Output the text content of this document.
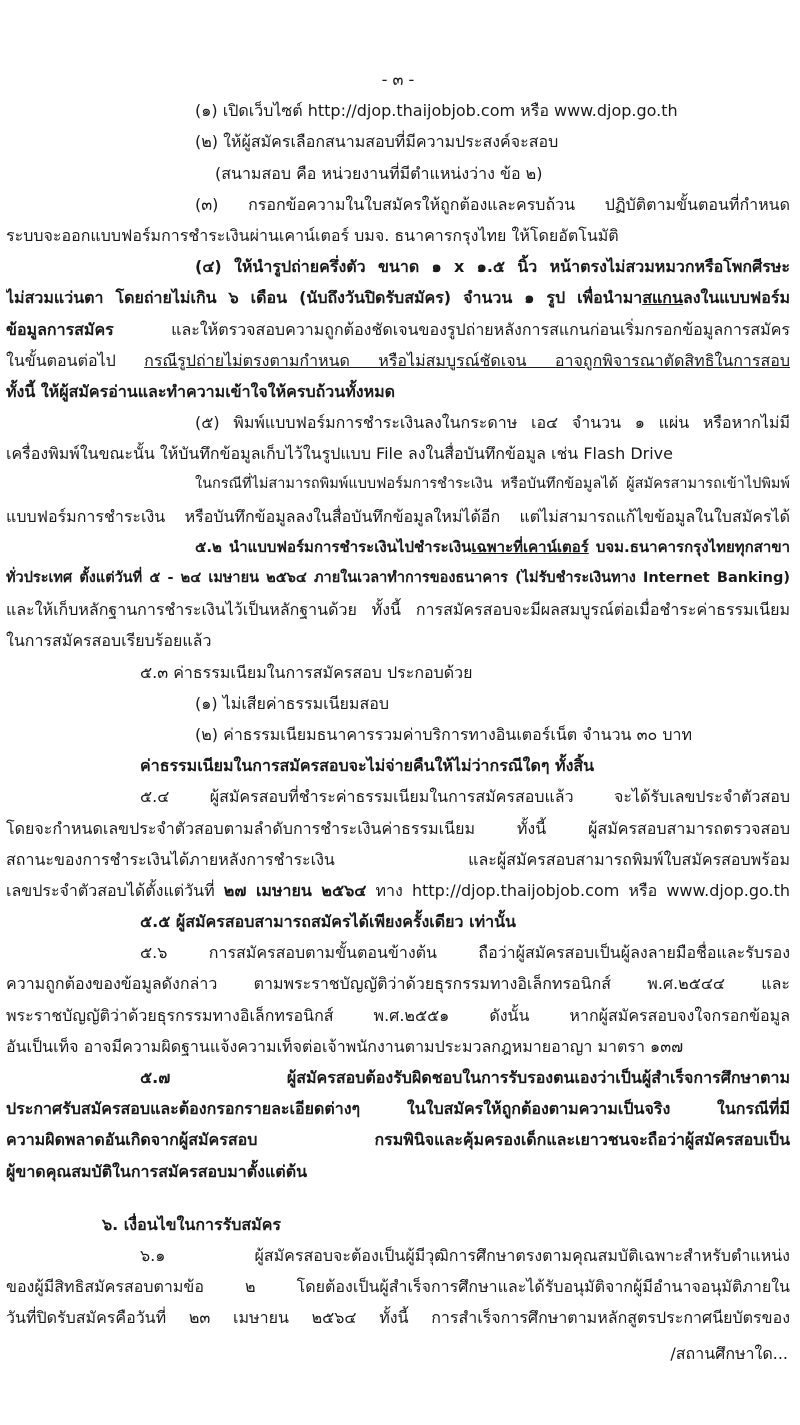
- ๓ -
(๑) เปิดเว็บไซต์ http://djop.thaijobjob.com หรือ www.djop.go.th
(๒) ให้ผู้สมัครเลือกสนามสอบที่มีความประสงค์จะสอบ
(สนามสอบ คือ หน่วยงานที่มีตำแหน่งว่าง ข้อ ๒)
(๓) กรอกข้อความในใบสมัครให้ถูกต้องและครบถ้วน ปฏิบัติตามขั้นตอนที่กำหนด
ระบบจะออกแบบฟอร์มการชำระเงินผ่านเคาน์เตอร์ บมจ. ธนาคารกรุงไทย ให้โดยอัตโนมัติ
(๔) ให้นำรูปถ่ายครึ่งตัว ขนาด ๑ x ๑.๕ นิ้ว หน้าตรงไม่สวมหมวกหรือโพกศีรษะ
ไม่สวมแว่นตา โดยถ่ายไม่เกิน ๖ เดือน (นับถึงวันปิดรับสมัคร) จำนวน ๑ รูป เพื่อนำมาสแกนลงในแบบฟอร์ม
ข้อมูลการสมัคร และให้ตรวจสอบความถูกต้องชัดเจนของรูปถ่ายหลังการสแกนก่อนเริ่มกรอกข้อมูลการสมัคร
ในขั้นตอนต่อไป กรณีรูปถ่ายไม่ตรงตามกำหนด หรือไม่สมบูรณ์ชัดเจน อาจถูกพิจารณาตัดสิทธิในการสอบ
ทั้งนี้ ให้ผู้สมัครอ่านและทำความเข้าใจให้ครบถ้วนทั้งหมด
(๕) พิมพ์แบบฟอร์มการชำระเงินลงในกระดาษ เอ๔ จำนวน ๑ แผ่น หรือหากไม่มี
เครื่องพิมพ์ในขณะนั้น ให้บันทึกข้อมูลเก็บไว้ในรูปแบบ File ลงในสื่อบันทึกข้อมูล เช่น Flash Drive
ในกรณีที่ไม่สามารถพิมพ์แบบฟอร์มการชำระเงิน หรือบันทึกข้อมูลได้ ผู้สมัครสามารถเข้าไปพิมพ์
แบบฟอร์มการชำระเงิน หรือบันทึกข้อมูลลงในสื่อบันทึกข้อมูลใหม่ได้อีก แต่ไม่สามารถแก้ไขข้อมูลในใบสมัครได้
๕.๒ นำแบบฟอร์มการชำระเงินไปชำระเงินเฉพาะที่เคาน์เตอร์ บจม.ธนาคารกรุงไทยทุกสาขา
ทั่วประเทศ ตั้งแต่วันที่ ๕ - ๒๔ เมษายน ๒๕๖๔ ภายในเวลาทำการของธนาคาร (ไม่รับชำระเงินทาง Internet Banking)
และให้เก็บหลักฐานการชำระเงินไว้เป็นหลักฐานด้วย ทั้งนี้ การสมัครสอบจะมีผลสมบูรณ์ต่อเมื่อชำระค่าธรรมเนียม
ในการสมัครสอบเรียบร้อยแล้ว
๕.๓ ค่าธรรมเนียมในการสมัครสอบ ประกอบด้วย
(๑) ไม่เสียค่าธรรมเนียมสอบ
(๒) ค่าธรรมเนียมธนาคารรวมค่าบริการทางอินเตอร์เน็ต จำนวน ๓๐ บาท
ค่าธรรมเนียมในการสมัครสอบจะไม่จ่ายคืนให้ไม่ว่ากรณีใดๆ ทั้งสิ้น
๕.๔ ผู้สมัครสอบที่ชำระค่าธรรมเนียมในการสมัครสอบแล้ว จะได้รับเลขประจำตัวสอบ
โดยจะกำหนดเลขประจำตัวสอบตามลำดับการชำระเงินค่าธรรมเนียม ทั้งนี้ ผู้สมัครสอบสามารถตรวจสอบ
สถานะของการชำระเงินได้ภายหลังการชำระเงิน และผู้สมัครสอบสามารถพิมพ์ใบสมัครสอบพร้อม
เลขประจำตัวสอบได้ตั้งแต่วันที่ ๒๗ เมษายน ๒๕๖๔ ทาง http://djop.thaijobjob.com หรือ www.djop.go.th
๕.๕ ผู้สมัครสอบสามารถสมัครได้เพียงครั้งเดียว เท่านั้น
๕.๖ การสมัครสอบตามขั้นตอนข้างต้น ถือว่าผู้สมัครสอบเป็นผู้ลงลายมือชื่อและรับรอง
ความถูกต้องของข้อมูลดังกล่าว ตามพระราชบัญญัติว่าด้วยธุรกรรมทางอิเล็กทรอนิกส์ พ.ศ.๒๕๔๔ และ
พระราชบัญญัติว่าด้วยธุรกรรมทางอิเล็กทรอนิกส์ พ.ศ.๒๕๕๑ ดังนั้น หากผู้สมัครสอบจงใจกรอกข้อมูล
อันเป็นเท็จ อาจมีความผิดฐานแจ้งความเท็จต่อเจ้าพนักงานตามประมวลกฎหมายอาญา มาตรา ๑๓๗
๕.๗ ผู้สมัครสอบต้องรับผิดชอบในการรับรองตนเองว่าเป็นผู้สำเร็จการศึกษาตาม
ประกาศรับสมัครสอบและต้องกรอกรายละเอียดต่างๆ ในใบสมัครให้ถูกต้องตามความเป็นจริง ในกรณีที่มี
ความผิดพลาดอันเกิดจากผู้สมัครสอบ กรมพินิจและคุ้มครองเด็กและเยาวชนจะถือว่าผู้สมัครสอบเป็น
ผู้ขาดคุณสมบัติในการสมัครสอบมาตั้งแต่ต้น
๖. เงื่อนไขในการรับสมัคร
๖.๑ ผู้สมัครสอบจะต้องเป็นผู้มีวุฒิการศึกษาตรงตามคุณสมบัติเฉพาะสำหรับตำแหน่ง
ของผู้มีสิทธิสมัครสอบตามข้อ ๒ โดยต้องเป็นผู้สำเร็จการศึกษาและได้รับอนุมัติจากผู้มีอำนาจอนุมัติภายใน
วันที่ปิดรับสมัครคือวันที่ ๒๓ เมษายน ๒๕๖๔ ทั้งนี้ การสำเร็จการศึกษาตามหลักสูตรประกาศนียบัตรของ
/สถานศึกษาใด...
